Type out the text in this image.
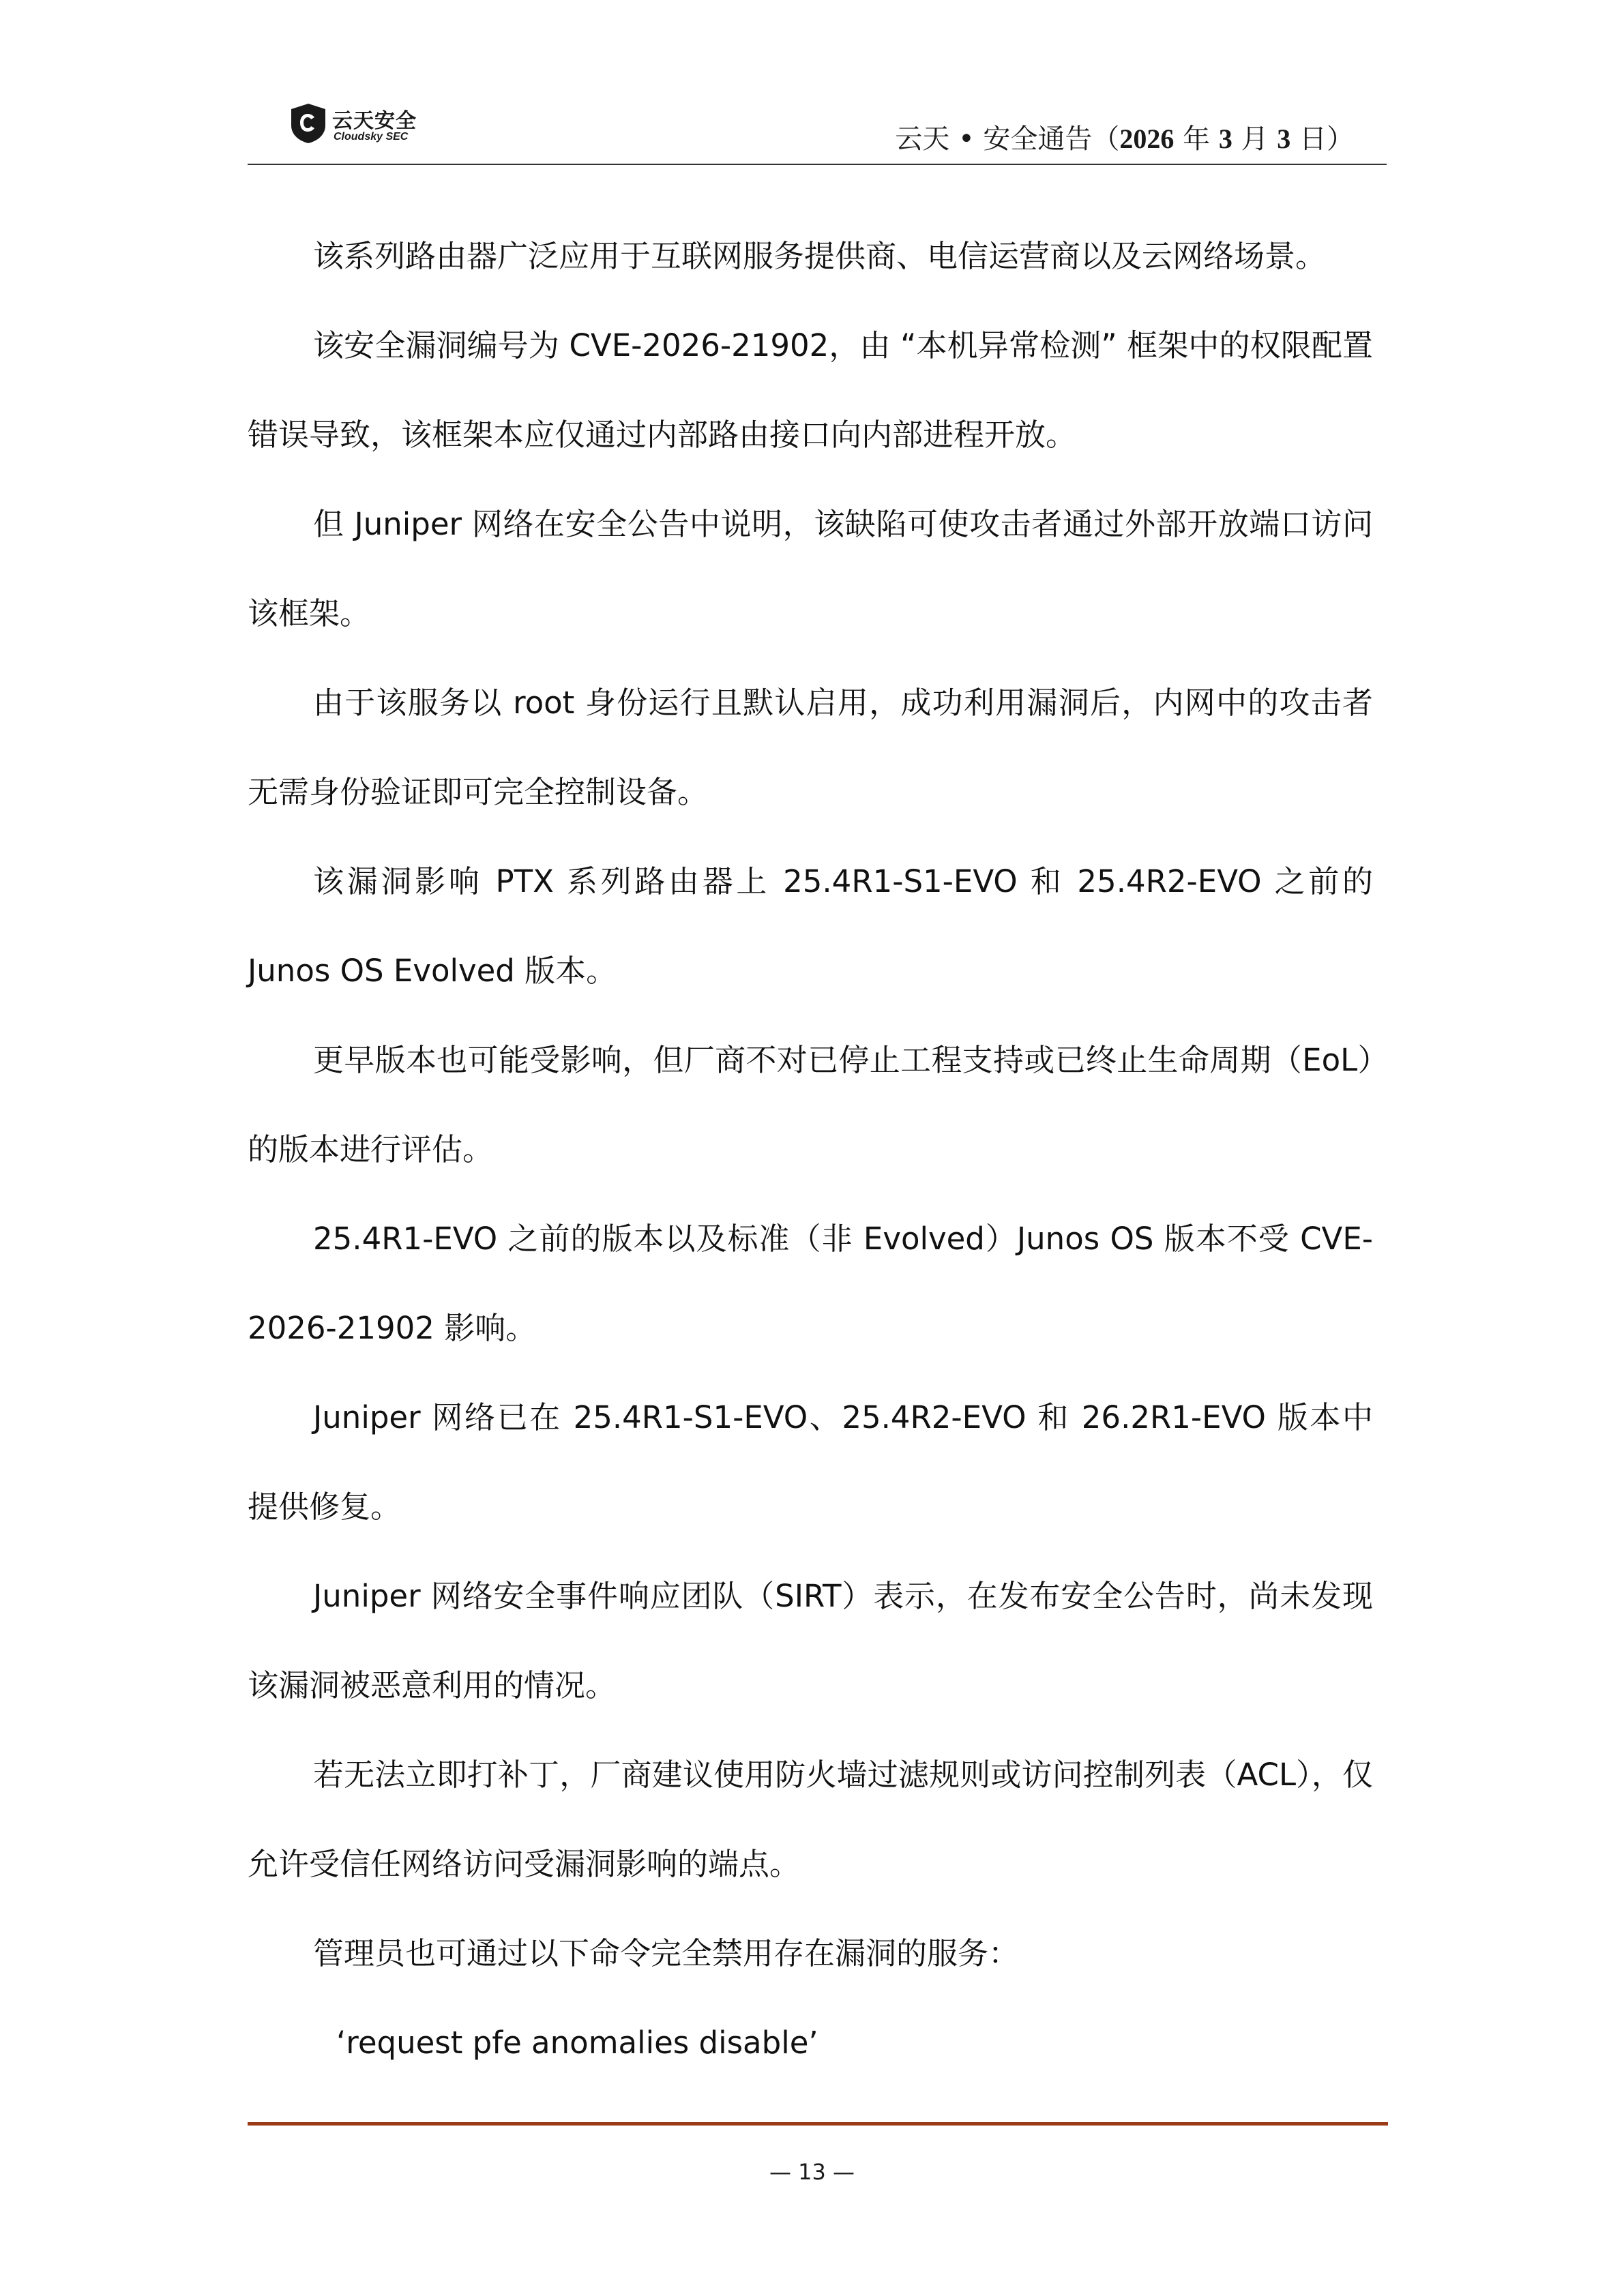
云天安全
Cloudsky SEC	云天 • 安全通告（2026 年 3 月 3 日）

该系列路由器广泛应用于互联网服务提供商、电信运营商以及云网络场景。

该安全漏洞编号为 CVE-2026-21902，由 “本机异常检测” 框架中的权限配置错误导致，该框架本应仅通过内部路由接口向内部进程开放。

但 Juniper 网络在安全公告中说明，该缺陷可使攻击者通过外部开放端口访问该框架。

由于该服务以 root 身份运行且默认启用，成功利用漏洞后，内网中的攻击者无需身份验证即可完全控制设备。

该漏洞影响 PTX 系列路由器上 25.4R1-S1-EVO 和 25.4R2-EVO 之前的 Junos OS Evolved 版本。

更早版本也可能受影响，但厂商不对已停止工程支持或已终止生命周期（EoL）的版本进行评估。

25.4R1-EVO 之前的版本以及标准（非 Evolved）Junos OS 版本不受 CVE-2026-21902 影响。

Juniper 网络已在 25.4R1-S1-EVO、25.4R2-EVO 和 26.2R1-EVO 版本中提供修复。

Juniper 网络安全事件响应团队（SIRT）表示，在发布安全公告时，尚未发现该漏洞被恶意利用的情况。

若无法立即打补丁，厂商建议使用防火墙过滤规则或访问控制列表（ACL），仅允许受信任网络访问受漏洞影响的端点。

管理员也可通过以下命令完全禁用存在漏洞的服务：

‘request pfe anomalies disable’

— 13 —
